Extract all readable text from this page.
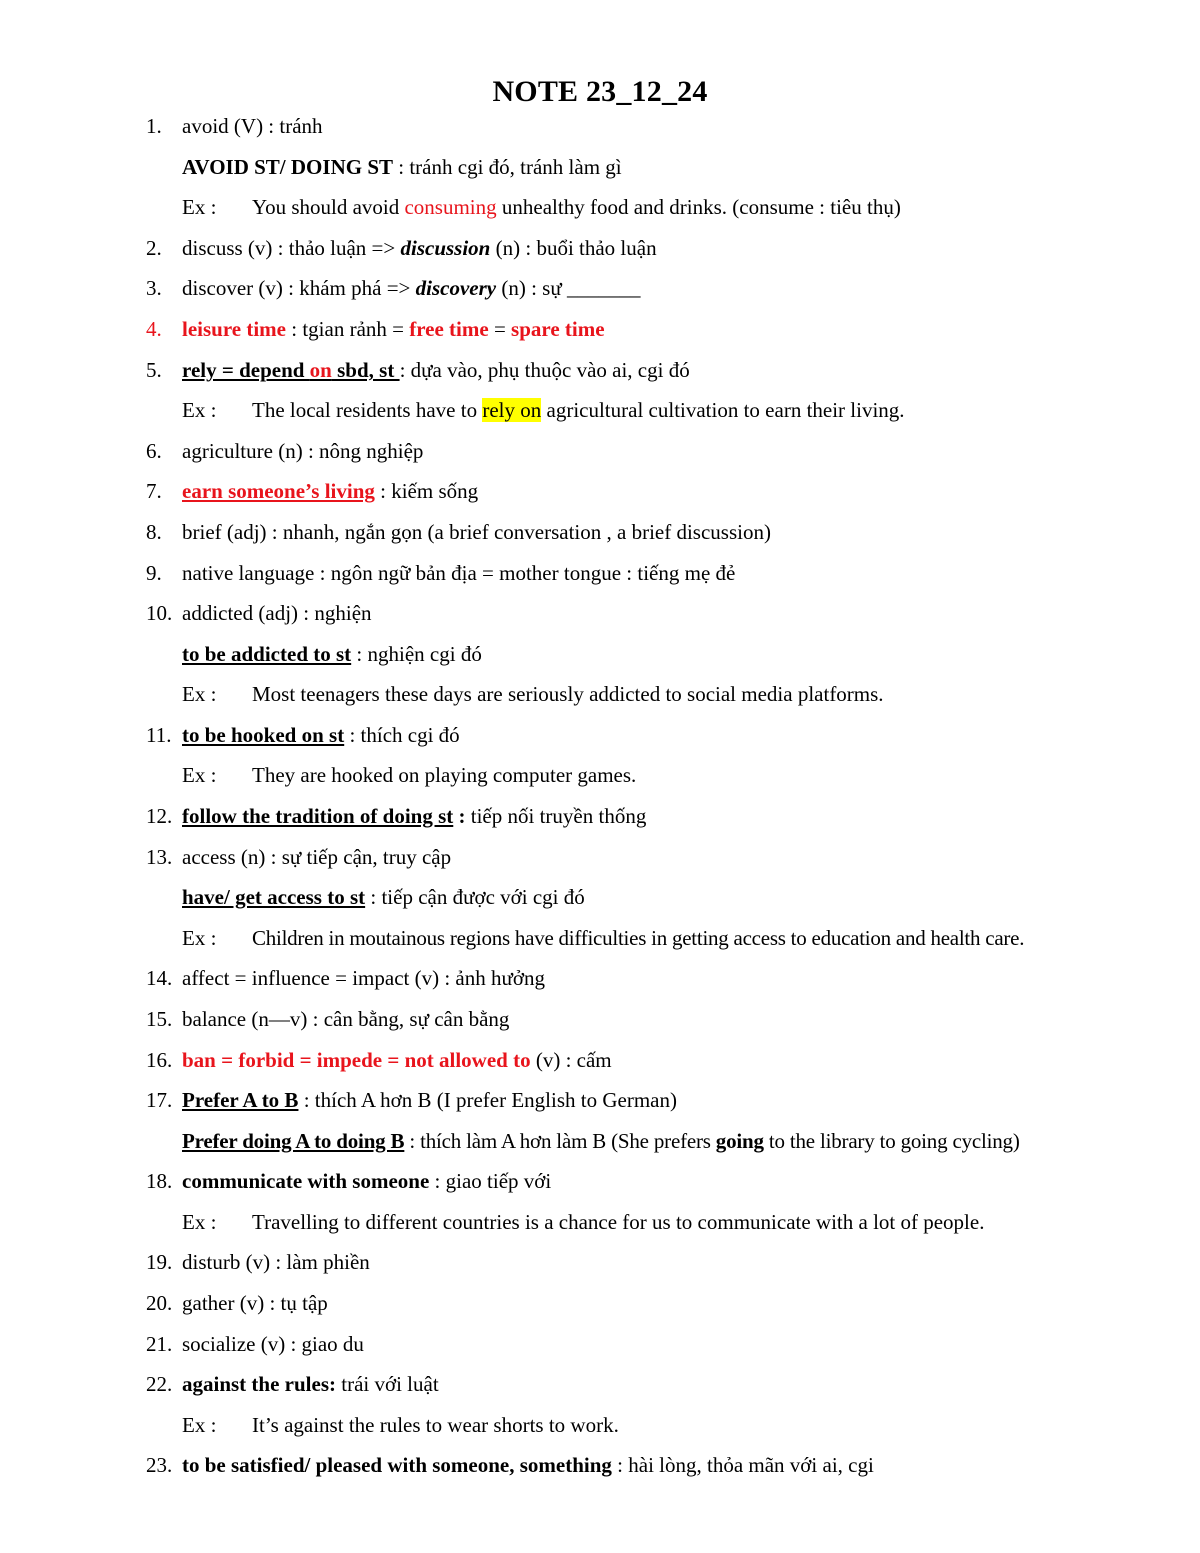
NOTE 23_12_24
1. avoid (V) : tránh
AVOID ST/ DOING ST : tránh cgi đó, tránh làm gì
Ex : You should avoid consuming unhealthy food and drinks. (consume : tiêu thụ)
2. discuss (v) : thảo luận => discussion (n) : buổi thảo luận
3. discover (v) : khám phá => discovery (n) : sự _______
4. leisure time : tgian rảnh = free time = spare time
5. rely = depend on sbd, st : dựa vào, phụ thuộc vào ai, cgi đó
Ex : The local residents have to rely on agricultural cultivation to earn their living.
6. agriculture (n) : nông nghiệp
7. earn someone’s living : kiếm sống
8. brief (adj) : nhanh, ngắn gọn (a brief conversation , a brief discussion)
9. native language : ngôn ngữ bản địa = mother tongue : tiếng mẹ đẻ
10. addicted (adj) : nghiện
to be addicted to st : nghiện cgi đó
Ex : Most teenagers these days are seriously addicted to social media platforms.
11. to be hooked on st : thích cgi đó
Ex : They are hooked on playing computer games.
12. follow the tradition of doing st : tiếp nối truyền thống
13. access (n) : sự tiếp cận, truy cập
have/ get access to st : tiếp cận được với cgi đó
Ex : Children in moutainous regions have difficulties in getting access to education and health care.
14. affect = influence = impact (v) : ảnh hưởng
15. balance (n—v) : cân bằng, sự cân bằng
16. ban = forbid = impede = not allowed to (v) : cấm
17. Prefer A to B : thích A hơn B (I prefer English to German)
Prefer doing A to doing B : thích làm A hơn làm B (She prefers going to the library to going cycling)
18. communicate with someone : giao tiếp với
Ex : Travelling to different countries is a chance for us to communicate with a lot of people.
19. disturb (v) : làm phiền
20. gather (v) : tụ tập
21. socialize (v) : giao du
22. against the rules: trái với luật
Ex : It’s against the rules to wear shorts to work.
23. to be satisfied/ pleased with someone, something : hài lòng, thỏa mãn với ai, cgi
